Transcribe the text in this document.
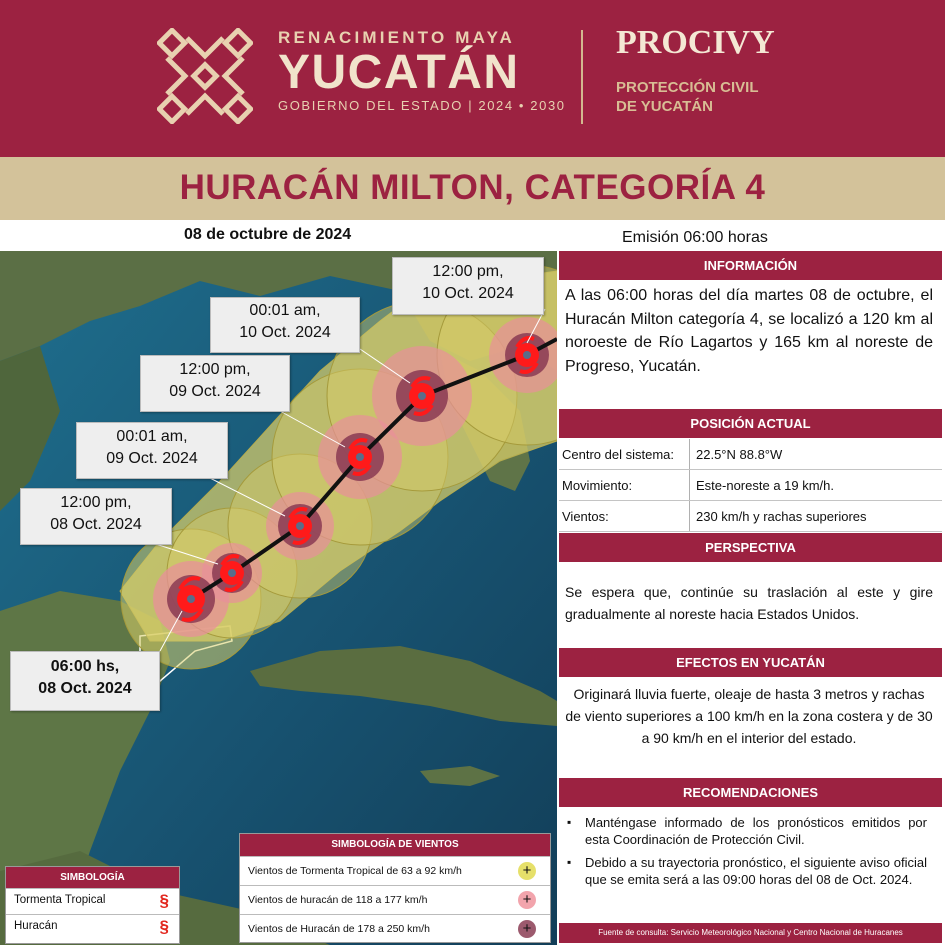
RENACIMIENTO MAYA
YUCATÁN
GOBIERNO DEL ESTADO | 2024 • 2030
PROCIVY
PROTECCIÓN CIVIL
DE YUCATÁN
HURACÁN MILTON, CATEGORÍA 4
08 de octubre de 2024	Emisión 06:00 horas
12:00 pm,
10 Oct. 2024
00:01 am,
10 Oct. 2024
12:00 pm,
09 Oct. 2024
00:01 am,
09 Oct. 2024
12:00 pm,
08 Oct. 2024
06:00 hs,
08 Oct. 2024
SIMBOLOGÍA
Tormenta Tropical	§
Huracán	§
SIMBOLOGÍA DE VIENTOS
Vientos de Tormenta Tropical de 63 a 92 km/h	+
Vientos de huracán de 118 a 177 km/h	+
Vientos de Huracán de 178 a 250 km/h	+
INFORMACIÓN
A las 06:00 horas del día martes 08 de octubre, el Huracán Milton categoría 4, se localizó a 120 km al noroeste de Río Lagartos y 165 km al noreste de Progreso, Yucatán.
POSICIÓN ACTUAL
Centro del sistema: 22.5°N 88.8°W
Movimiento:	Este-noreste a 19 km/h.
Vientos:	230 km/h y rachas superiores
PERSPECTIVA
Se espera que, continúe su traslación al este y gire gradualmente al noreste hacia Estados Unidos.
EFECTOS EN YUCATÁN
Originará lluvia fuerte, oleaje de hasta 3 metros y rachas de viento superiores a 100 km/h en la zona costera y de 30 a 90 km/h en el interior del estado.
RECOMENDACIONES
▪ Manténgase informado de los pronósticos emitidos por esta Coordinación de Protección Civil.
▪ Debido a su trayectoria pronóstico, el siguiente aviso oficial que se emita será a las 09:00 horas del 08 de Oct. 2024.
Fuente de consulta: Servicio Meteorológico Nacional y Centro Nacional de Huracanes
